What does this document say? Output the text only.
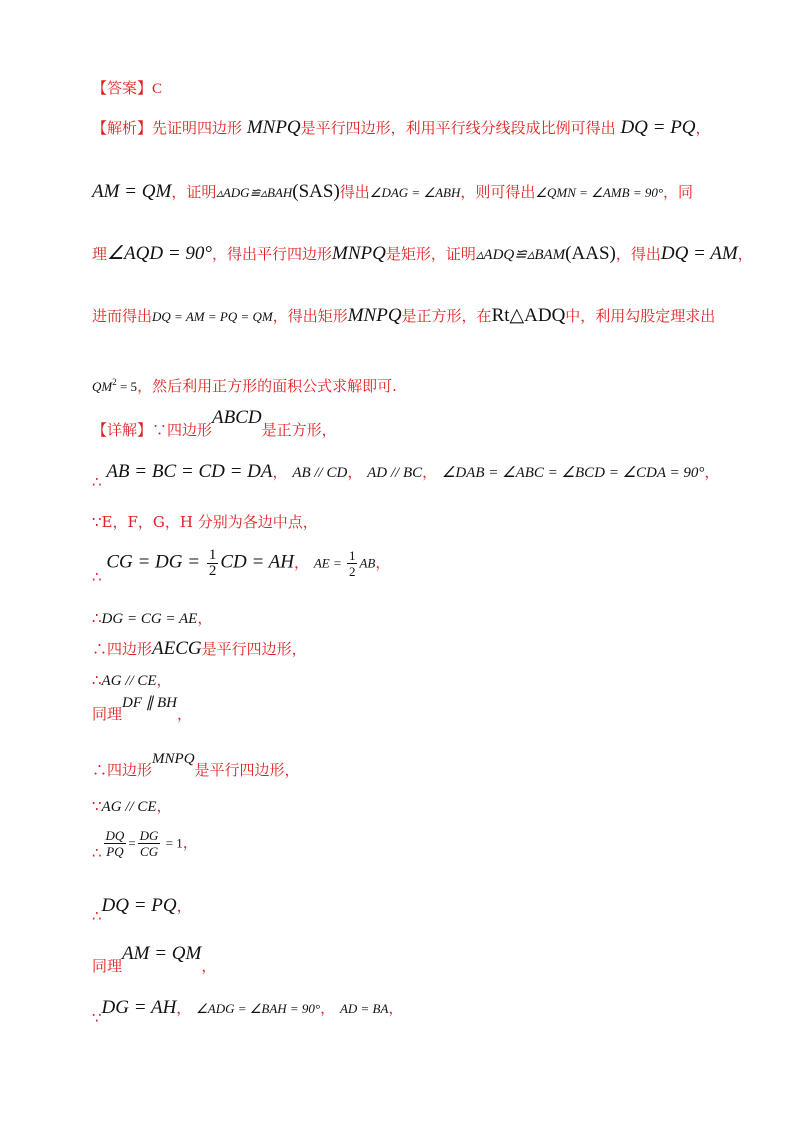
【答案】C
【解析】先证明四边形 MNPQ是平行四边形，利用平行线分线段成比例可得出 DQ = PQ，
AM = QM，证明▵ADG≌▵BAH(SAS)得出∠DAG = ∠ABH，则可得出∠QMN = ∠AMB = 90°，同
理∠AQD = 90°，得出平行四边形MNPQ是矩形，证明▵ADQ≌▵BAM(AAS)，得出DQ = AM，
进而得出DQ = AM = PQ = QM，得出矩形MNPQ是正方形，在Rt△ADQ中，利用勾股定理求出
$QM^2 = 5$，然后利用正方形的面积公式求解即可.
【详解】∵四边形ABCD是正方形，
∴ AB = BC = CD = DA， AB // CD， AD // BC， ∠DAB = ∠ABC = ∠BCD = ∠CDA = 90°，
∵E，F，G，H 分别为各边中点，
∴ CG = DG = $\frac{1}{2}$ CD = AH， AE = $\frac{1}{2}$ AB，
∴DG = CG = AE，
∴四边形AECG是平行四边形，
∴AG // CE，
同理DF ∥ BH，
∴四边形MNPQ是平行四边形，
∵AG // CE，
∴ $\frac{DQ}{PQ} = \frac{DG}{CG} = 1$，
∴DQ = PQ，
同理AM = QM，
∵DG = AH， ∠ADG = ∠BAH = 90°， AD = BA，
